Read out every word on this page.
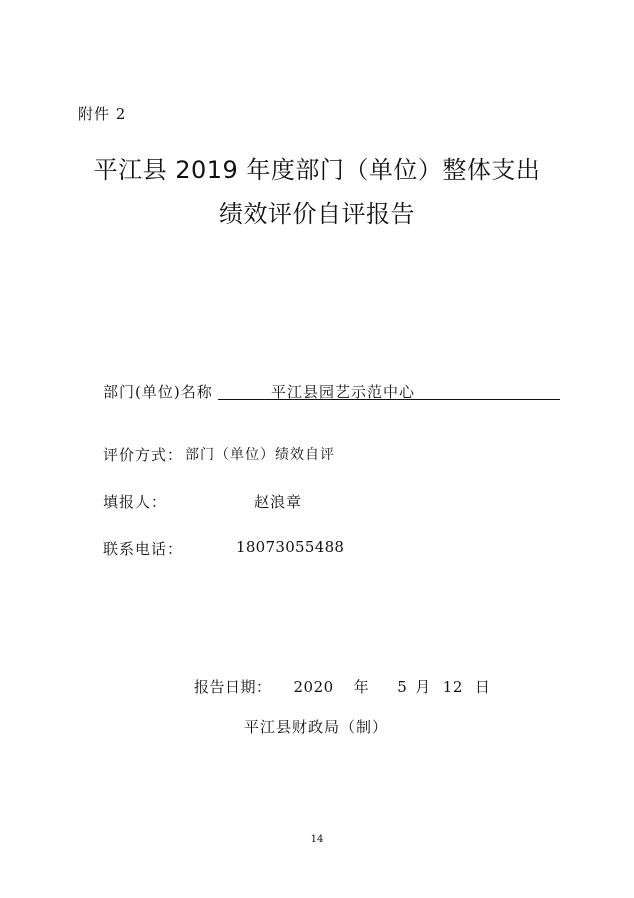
附件 2
平江县 2019 年度部门（单位）整体支出
绩效评价自评报告
部门(单位)名称	平江县园艺示范中心
评价方式： 部门（单位）绩效自评
填报人：	赵浪章
联系电话：	18073055488
报告日期： 2020 年 5 月 12 日
平江县财政局（制）
14
